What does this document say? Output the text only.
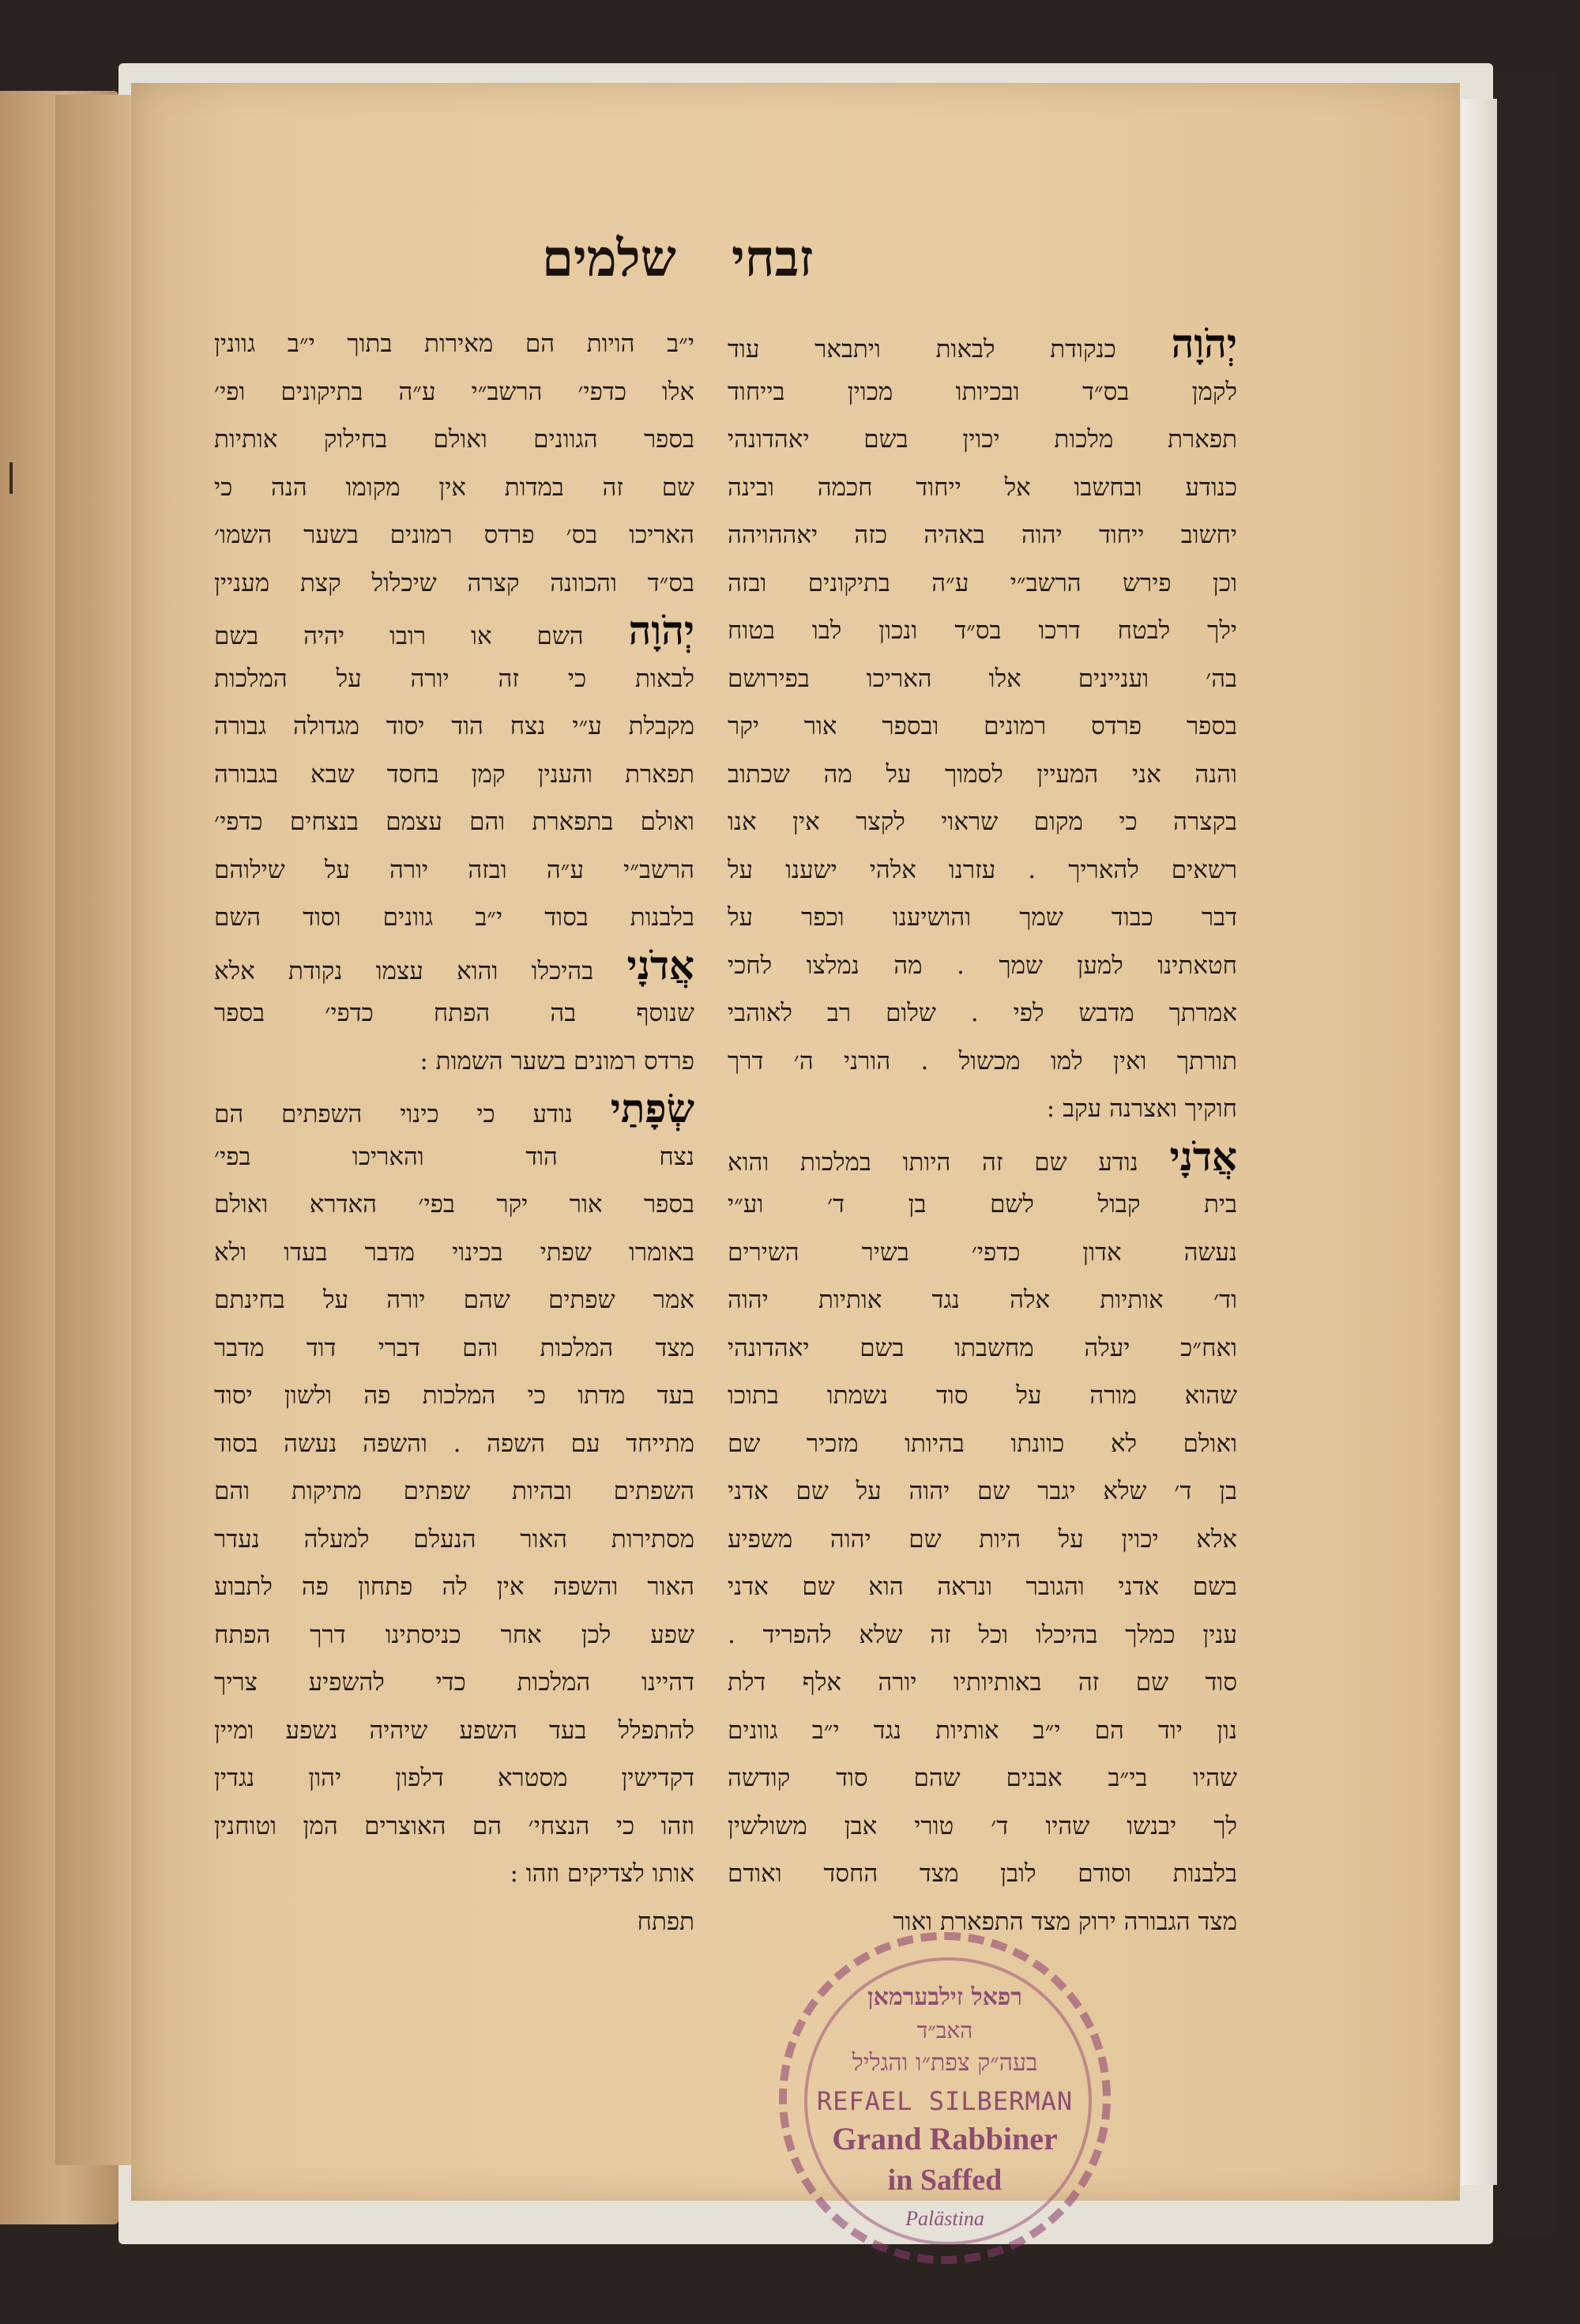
זבחי
שלמים
יְהֹוָה כנקודת לבאות ויתבאר עוד
לקמן בס״ד ובכיותו מכוין בייחוד
תפארת מלכות יכוין בשם יאהדונהי
כנודע ובחשבו אל ייחוד חכמה ובינה
יחשוב ייחוד יהוה באהיה כזה יאההויהה
וכן פירש הרשב״י ע״ה בתיקונים ובזה
ילך לבטח דרכו בס״ד ונכון לבו בטוח
בה׳ ועניינים אלו האריכו בפירושם
בספר פרדס רמונים ובספר אור יקר
והנה אני המעיין לסמוך על מה שכתוב
בקצרה כי מקום שראוי לקצר אין אנו
רשאים להאריך . עזרנו אלהי ישענו על
דבר כבוד שמך והושיענו וכפר על
חטאתינו למען שמך . מה נמלצו לחכי
אמרתך מדבש לפי . שלום רב לאוהבי
תורתך ואין למו מכשול . הורני ה׳ דרך
חוקיך ואצרנה עקב :
אֲדֹנָי נודע שם זה היותו במלכות והוא
בית קבול לשם בן ד׳ וע״י
נעשה אדון כדפי׳ בשיר השירים
וד׳ אותיות אלה נגד אותיות יהוה
ואח״כ יעלה מחשבתו בשם יאהדונהי
שהוא מורה על סוד נשמתו בתוכו
ואולם לא כוונתו בהיותו מזכיר שם
בן ד׳ שלא יגבר שם יהוה על שם אדני
אלא יכוין על היות שם יהוה משפיע
בשם אדני והגובר ונראה הוא שם אדני
ענין כמלך בהיכלו וכל זה שלא להפריד .
סוד שם זה באותיותיו יורה אלף דלת
נון יוד הם י״ב אותיות נגד י״ב גוונים
שהיו בי״ב אבנים שהם סוד קודשה
לך יבנשו שהיו ד׳ טורי אבן משולשין
בלבנות וסודם לובן מצד החסד ואודם
מצד הגבורה ירוק מצד התפארת ואור
י״ב הויות הם מאירות בתוך י״ב גוונין
אלו כדפי׳ הרשב״י ע״ה בתיקונים ופי׳
בספר הגוונים ואולם בחילוק אותיות
שם זה במדות אין מקומו הנה כי
האריכו בס׳ פרדס רמונים בשער השמו׳
בס״ד והכוונה קצרה שיכלול קצת מעניין
יְהֹוָה השם או רובו יהיה בשם
לבאות כי זה יורה על המלכות
מקבלת ע״י נצח הוד יסוד מגדולה גבורה
תפארת והענין קמן בחסד שבא בגבורה
ואולם בתפארת והם עצמם בנצחים כדפי׳
הרשב״י ע״ה ובזה יורה על שילוהם
בלבנות בסוד י״ב גוונים וסוד השם
אֲדֹנָי בהיכלו והוא עצמו נקודת אלא
שנוסף בה הפתח כדפי׳ בספר
פרדס רמונים בשער השמות :
שְׂפָתַי נודע כי כינוי השפתים הם
נצח הוד והאריכו בפי׳
בספר אור יקר בפי׳ האדרא ואולם
באומרו שפתי בכינוי מדבר בעדו ולא
אמר שפתים שהם יורה על בחינתם
מצד המלכות והם דברי דוד מדבר
בעד מדתו כי המלכות פה ולשון יסוד
מתייחד עם השפה . והשפה נעשה בסוד
השפתים ובהיות שפתים מתיקות והם
מסתירות האור הנעלם למעלה נעדר
האור והשפה אין לה פתחון פה לתבוע
שפע לכן אחר כניסתינו דרך הפתח
דהיינו המלכות כדי להשפיע צריך
להתפלל בעד השפע שיהיה נשפע ומיין
דקדישין מסטרא דלפון יהון נגדין
וזהו כי הנצחי׳ הם האוצרים המן וטוחנין
אותו לצדיקים וזהו :
תפתח
רפאל זילבערמאן
האב״ד
בעה״ק צפת״ו והגליל
REFAEL SILBERMAN
Grand Rabbiner
in Saffed
Palästina
